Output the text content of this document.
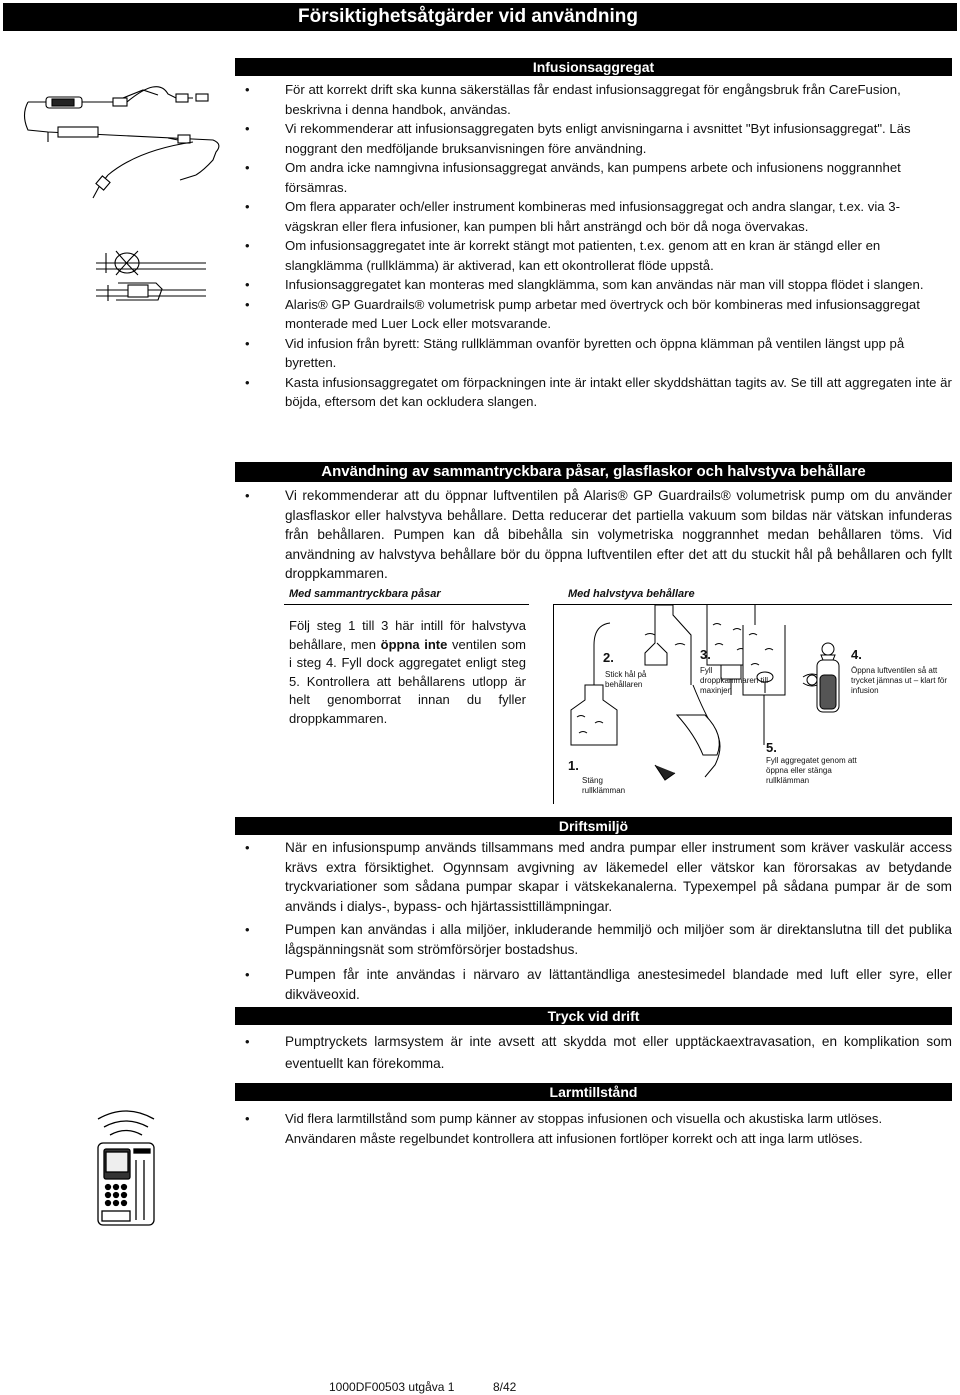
Försiktighetsåtgärder vid användning
Infusionsaggregat
• För att korrekt drift ska kunna säkerställas får endast infusionsaggregat för engångsbruk från CareFusion, beskrivna i denna handbok, användas.
• Vi rekommenderar att infusionsaggregaten byts enligt anvisningarna i avsnittet "Byt infusionsaggregat". Läs noggrant den medföljande bruksanvisningen före användning.
• Om andra icke namngivna infusionsaggregat används, kan pumpens arbete och infusionens noggrannhet försämras.
• Om flera apparater och/eller instrument kombineras med infusionsaggregat och andra slangar, t.ex. via 3-vägskran eller flera infusioner, kan pumpen bli hårt ansträngd och bör då noga övervakas.
• Om infusionsaggregatet inte är korrekt stängt mot patienten, t.ex. genom att en kran är stängd eller en slangklämma (rullklämma) är aktiverad, kan ett okontrollerat flöde uppstå.
• Infusionsaggregatet kan monteras med slangklämma, som kan användas när man vill stoppa flödet i slangen.
• Alaris® GP Guardrails® volumetrisk pump arbetar med övertryck och bör kombineras med infusionsaggregat monterade med Luer Lock eller motsvarande.
• Vid infusion från byrett: Stäng rullklämman ovanför byretten och öppna klämman på ventilen längst upp på byretten.
• Kasta infusionsaggregatet om förpackningen inte är intakt eller skyddshättan tagits av. Se till att aggregaten inte är böjda, eftersom det kan ockludera slangen.
Användning av sammantryckbara påsar, glasflaskor och halvstyva behållare
• Vi rekommenderar att du öppnar luftventilen på Alaris® GP Guardrails® volumetrisk pump om du använder glasflaskor eller halvstyva behållare. Detta reducerar det partiella vakuum som bildas när vätskan infunderas från behållaren. Pumpen kan då bibehålla sin volymetriska noggrannhet medan behållaren töms. Vid användning av halvstyva behållare bör du öppna luftventilen efter det att du stuckit hål på behållaren och fyllt droppkammaren.
Med sammantryckbara påsar	Med halvstyva behållare
Följ steg 1 till 3 här intill för halvstyva behållare, men öppna inte ventilen som i steg 4. Fyll dock aggregatet enligt steg 5. Kontrollera att behållarens utlopp är helt genomborrat innan du fyller droppkammaren.
2.
Stick hål på behållaren
3.
Fyll droppkammaren till maxinjen
4.
Öppna luftventilen så att trycket jämnas ut – klart för infusion
1.
Stäng rullklämman
5.
Fyll aggregatet genom att öppna eller stänga rullklämman
Driftsmiljö
• När en infusionspump används tillsammans med andra pumpar eller instrument som kräver vaskulär access krävs extra försiktighet. Ogynnsam avgivning av läkemedel eller vätskor kan förorsakas av betydande tryckvariationer som sådana pumpar skapar i vätskekanalerna. Typexempel på sådana pumpar är de som används i dialys-, bypass- och hjärtassisttillämpningar.
• Pumpen kan användas i alla miljöer, inkluderande hemmiljö och miljöer som är direktanslutna till det publika lågspänningsnät som strömförsörjer bostadshus.
• Pumpen får inte användas i närvaro av lättantändliga anestesimedel blandade med luft eller syre, eller dikväveoxid.
Tryck vid drift
• Pumptryckets larmsystem är inte avsett att skydda mot eller upptäckaextravasation, en komplikation som eventuellt kan förekomma.
Larmtillstånd
• Vid flera larmtillstånd som pump känner av stoppas infusionen och visuella och akustiska larm utlöses. Användaren måste regelbundet kontrollera att infusionen fortlöper korrekt och att inga larm utlöses.
1000DF00503 utgåva 1	8/42
